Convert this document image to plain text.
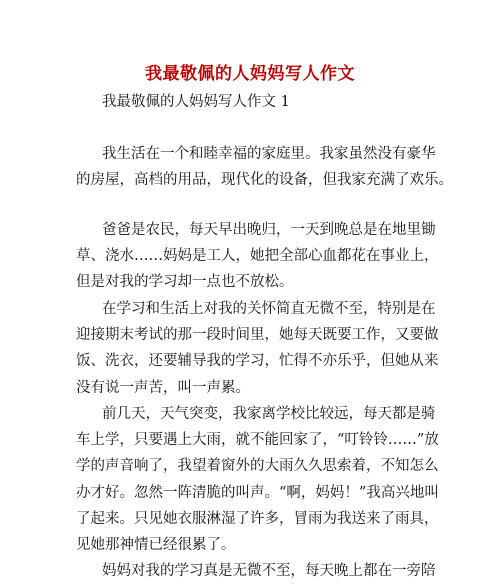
我最敬佩的人妈妈写人作文
我最敬佩的人妈妈写人作文 1
我生活在一个和睦幸福的家庭里。我家虽然没有豪华
的房屋，高档的用品，现代化的设备，但我家充满了欢乐。
爸爸是农民，每天早出晚归，一天到晚总是在地里锄
草、浇水……妈妈是工人，她把全部心血都花在事业上，
但是对我的学习却一点也不放松。
在学习和生活上对我的关怀简直无微不至，特别是在
迎接期末考试的那一段时间里，她每天既要工作，又要做
饭、洗衣，还要辅导我的学习，忙得不亦乐乎，但她从来
没有说一声苦，叫一声累。
前几天，天气突变，我家离学校比较远，每天都是骑
车上学，只要遇上大雨，就不能回家了，“叮铃铃……”放
学的声音响了，我望着窗外的大雨久久思索着，不知怎么
办才好。忽然一阵清脆的叫声。“啊，妈妈！”我高兴地叫
了起来。只见她衣服淋湿了许多，冒雨为我送来了雨具，
见她那神情已经很累了。
妈妈对我的学习真是无微不至，每天晚上都在一旁陪
